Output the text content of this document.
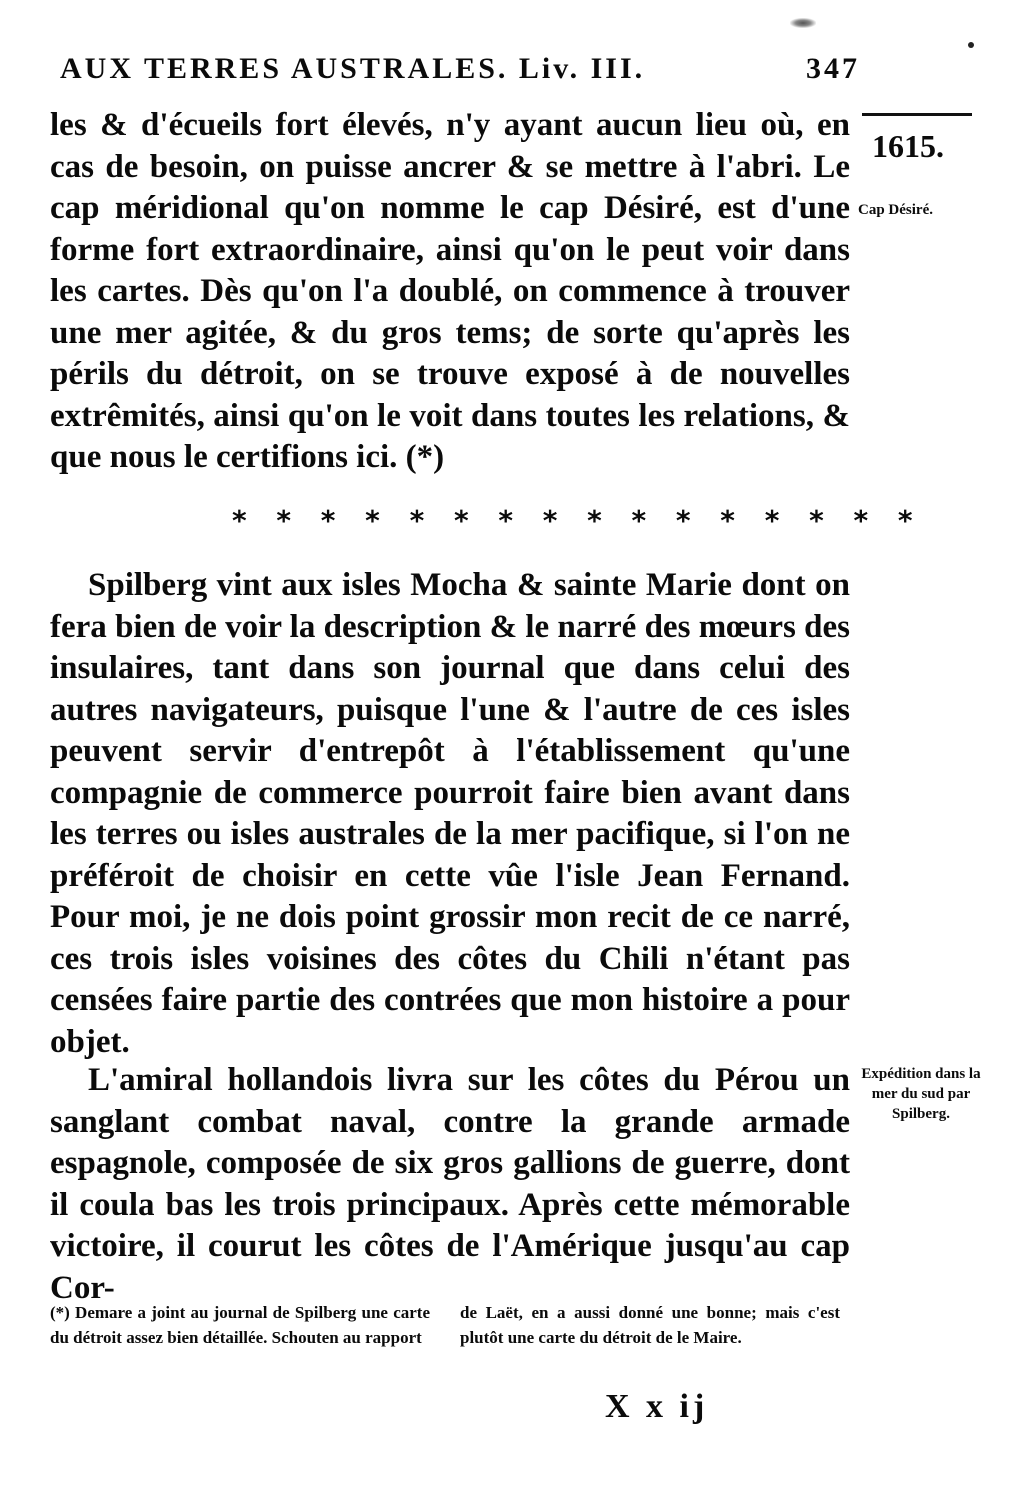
AUX TERRES AUSTRALES. Liv. III.	347
1615.
Cap Désiré.

les & d'écueils fort élevés, n'y ayant aucun lieu où, en cas de besoin, on puisse ancrer & se mettre à l'abri. Le cap méridional qu'on nomme le cap Désiré, est d'une forme fort extraordinaire, ainsi qu'on le peut voir dans les cartes. Dès qu'on l'a doublé, on commence à trouver une mer agitée, & du gros tems; de sorte qu'après les périls du détroit, on se trouve exposé à de nouvelles extrêmités, ainsi qu'on le voit dans toutes les relations, & que nous le certifions ici. (*)

* * * * * * * * * * * * * * * *

Spilberg vint aux isles Mocha & sainte Marie dont on fera bien de voir la description & le narré des mœurs des insulaires, tant dans son journal que dans celui des autres navigateurs, puisque l'une & l'autre de ces isles peuvent servir d'entrepôt à l'établissement qu'une compagnie de commerce pourroit faire bien avant dans les terres ou isles australes de la mer pacifique, si l'on ne préféroit de choisir en cette vûe l'isle Jean Fernand. Pour moi, je ne dois point grossir mon recit de ce narré, ces trois isles voisines des côtes du Chili n'étant pas censées faire partie des contrées que mon histoire a pour objet.

L'amiral hollandois livra sur les côtes du Pérou un sanglant combat naval, contre la grande armade espagnole, composée de six gros gallions de guerre, dont il coula bas les trois principaux. Après cette mémorable victoire, il courut les côtes de l'Amérique jusqu'au cap Cor-

Expédition dans la mer du sud par Spilberg.
(*) Demare a joint au journal de Spilberg une carte du détroit assez bien détaillée. Schouten au rapport
de Laët, en a aussi donné une bonne; mais c'est plutôt une carte du détroit de le Maire.
X x ij
